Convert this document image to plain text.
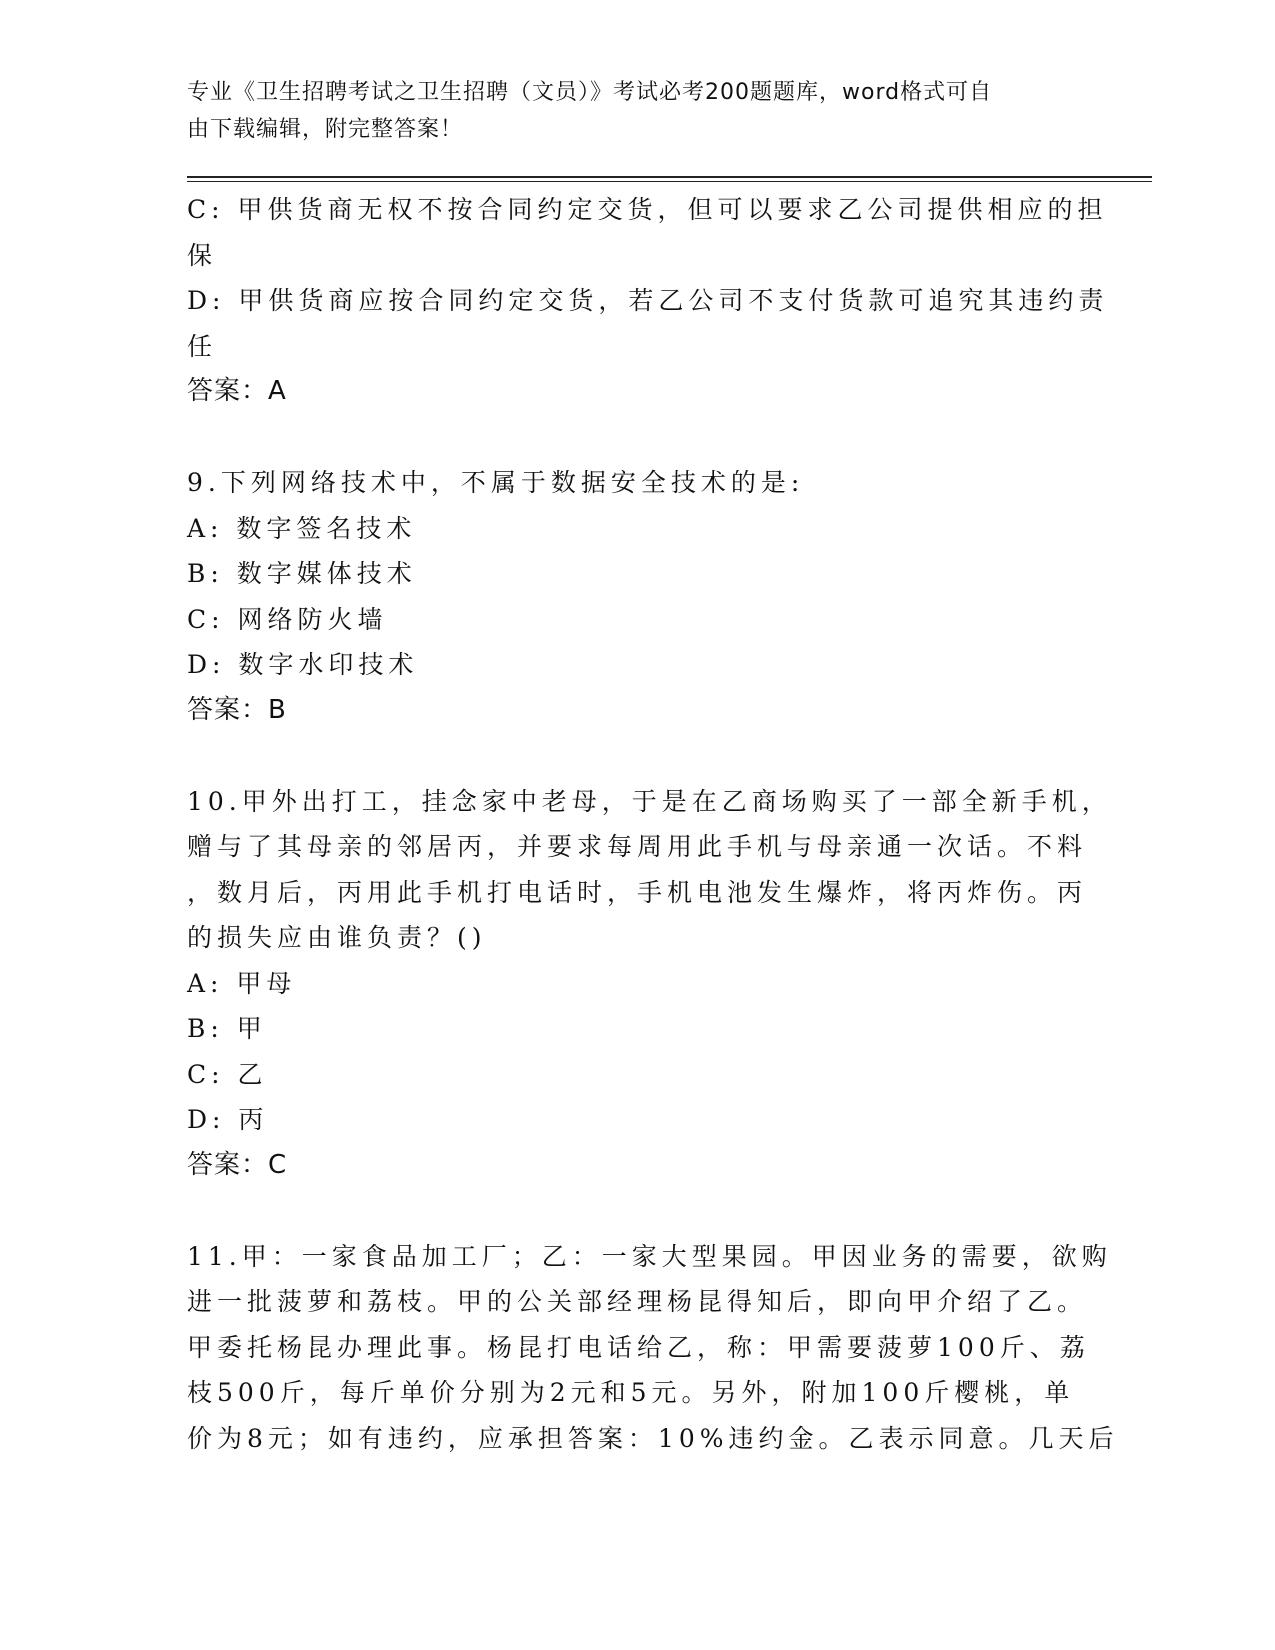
专业《卫生招聘考试之卫生招聘（文员）》考试必考200题题库，word格式可自
由下载编辑，附完整答案！
C: 甲供货商无权不按合同约定交货，但可以要求乙公司提供相应的担
保
D: 甲供货商应按合同约定交货，若乙公司不支付货款可追究其违约责
任
答案：A
9.下列网络技术中，不属于数据安全技术的是:
A: 数字签名技术
B: 数字媒体技术
C: 网络防火墙
D: 数字水印技术
答案：B
10.甲外出打工，挂念家中老母，于是在乙商场购买了一部全新手机，
赠与了其母亲的邻居丙，并要求每周用此手机与母亲通一次话。不料
，数月后，丙用此手机打电话时，手机电池发生爆炸，将丙炸伤。丙
的损失应由谁负责？()
A: 甲母
B: 甲
C: 乙
D: 丙
答案：C
11.甲：一家食品加工厂；乙：一家大型果园。甲因业务的需要，欲购
进一批菠萝和荔枝。甲的公关部经理杨昆得知后，即向甲介绍了乙。
甲委托杨昆办理此事。杨昆打电话给乙，称：甲需要菠萝100斤、荔
枝500斤，每斤单价分别为2元和5元。另外，附加100斤樱桃，单
价为8元；如有违约，应承担答案：10%违约金。乙表示同意。几天后
